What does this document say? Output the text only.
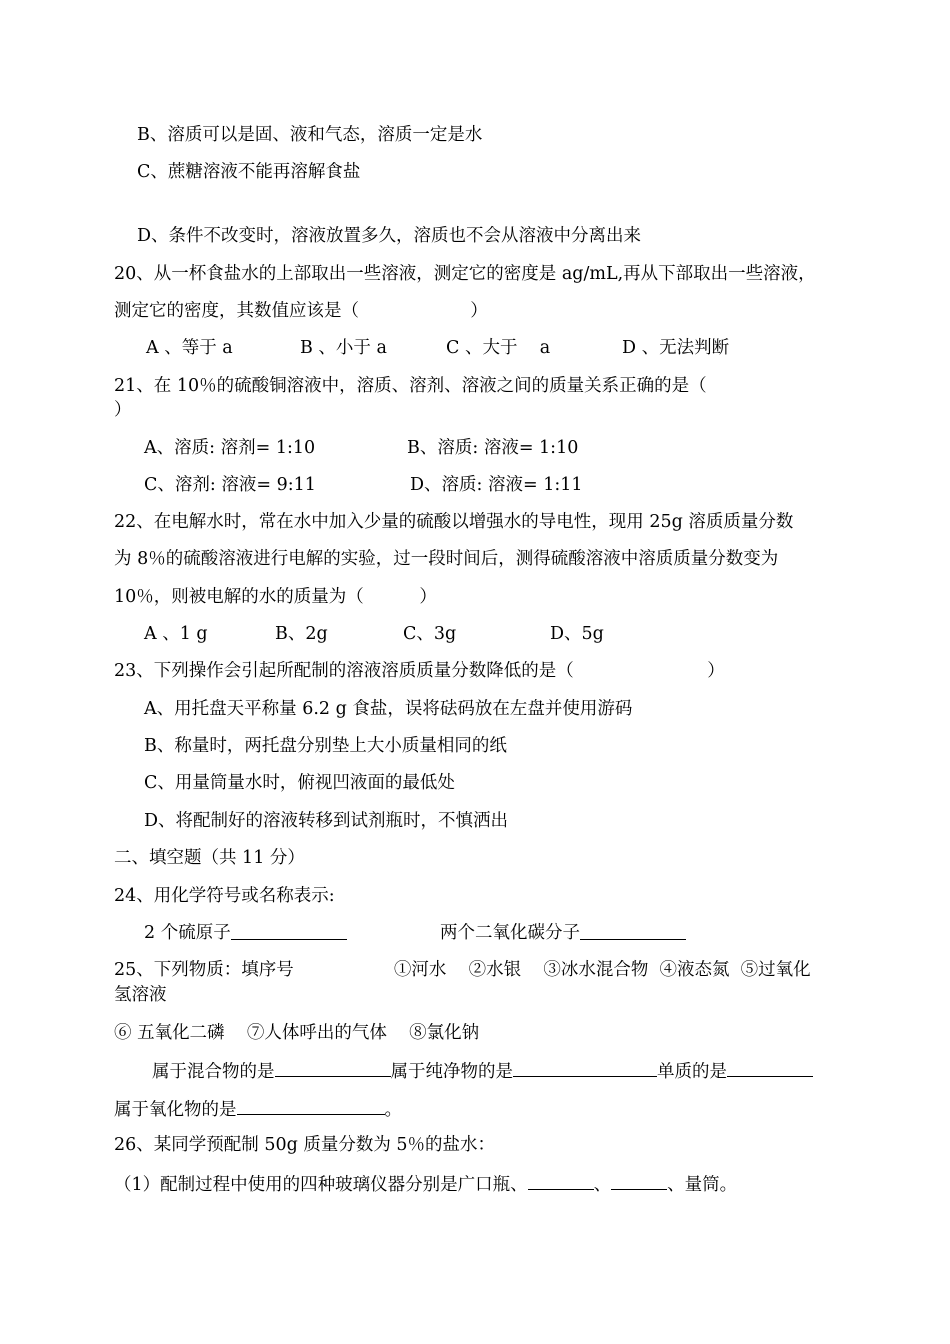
B、溶质可以是固、液和气态，溶质一定是水
C、蔗糖溶液不能再溶解食盐
D、条件不改变时，溶液放置多久，溶质也不会从溶液中分离出来
20、从一杯食盐水的上部取出一些溶液，测定它的密度是 ag/mL,再从下部取出一些溶液，
测定它的密度，其数值应该是（                    ）

A 、等于 a

	B 、小于 a

	C 、大于    a

	D 、无法判断

21、在 10％的硫酸铜溶液中，溶质、溶剂、溶液之间的质量关系正确的是（
）

A、溶质: 溶剂= 1:10

	B、溶质: 溶液= 1:10

C、溶剂: 溶液= 9:11

	D、溶质: 溶液= 1:11

22、在电解水时，常在水中加入少量的硫酸以增强水的导电性，现用 25g 溶质质量分数
为 8％的硫酸溶液进行电解的实验，过一段时间后，测得硫酸溶液中溶质质量分数变为
10％，则被电解的水的质量为（          ）

A 、1 g

	B、2g

	C、3g

	D、5g

23、下列操作会引起所配制的溶液溶质质量分数降低的是（                        ）
A、用托盘天平称量 6.2 g 食盐，误将砝码放在左盘并使用游码
B、称量时，两托盘分别垫上大小质量相同的纸
C、用量筒量水时，俯视凹液面的最低处
D、将配制好的溶液转移到试剂瓶时，不慎洒出
二、填空题（共 11 分）
24、用化学符号或名称表示:

2 个硫原子

	两个二氧化碳分子

25、下列物质：填序号                  ①河水    ②水银    ③冰水混合物  ④液态氮  ⑤过氧化
氢溶液
⑥ 五氧化二磷    ⑦人体呼出的气体    ⑧氯化钠
属于混合物的是	属于纯净物的是	单质的是
属于氧化物的是	。
26、某同学预配制 50g 质量分数为 5％的盐水：
（1）配制过程中使用的四种玻璃仪器分别是广口瓶、	、	、量筒。
